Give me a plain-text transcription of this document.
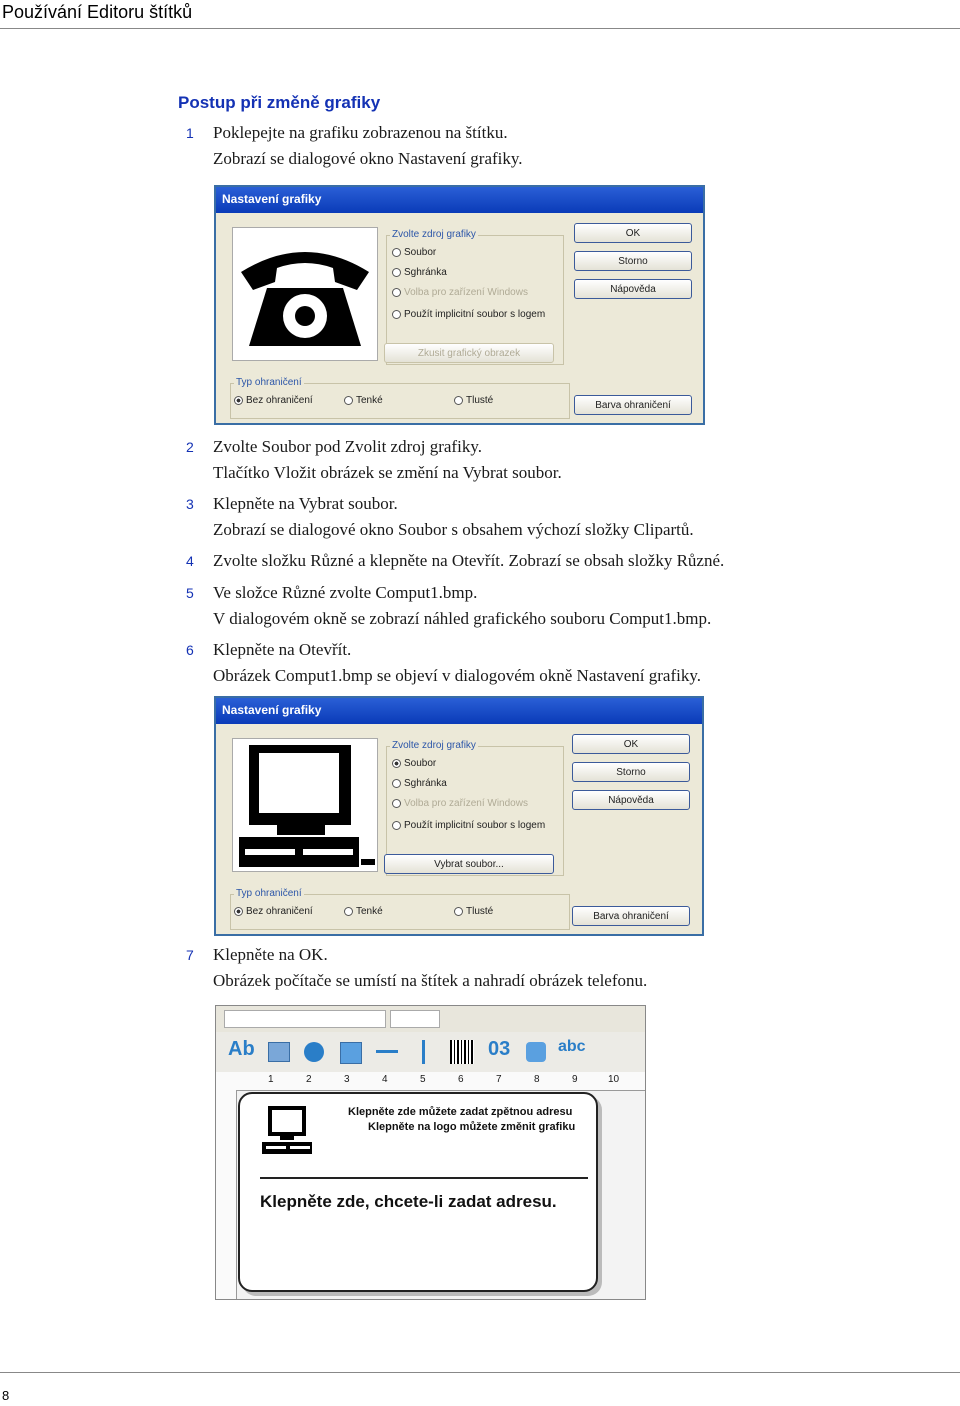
Používání Editoru štítků
Postup při změně grafiky
1	Poklepejte na grafiku zobrazenou na štítku.
Zobrazí se dialogové okno Nastavení grafiky.
Nastavení grafiky
Zvolte zdroj grafiky
Soubor
Sghránka
Volba pro zařízení Windows
Použít implicitní soubor s logem
Zkusit grafický obrazek
OK
Storno
Nápověda
Typ ohraničení
Bez ohraničení	Tenké	Tlusté	Barva ohraničení
2	Zvolte Soubor pod Zvolit zdroj grafiky.
Tlačítko Vložit obrázek se změní na Vybrat soubor.
3	Klepněte na Vybrat soubor.
Zobrazí se dialogové okno Soubor s obsahem výchozí složky Clipartů.
4	Zvolte složku Různé a klepněte na Otevřít. Zobrazí se obsah složky Různé.
5	Ve složce Různé zvolte Comput1.bmp.
V dialogovém okně se zobrazí náhled grafického souboru Comput1.bmp.
6	Klepněte na Otevřít.
Obrázek Comput1.bmp se objeví v dialogovém okně Nastavení grafiky.
Nastavení grafiky
Zvolte zdroj grafiky
Soubor
Sghránka
Volba pro zařízení Windows
Použít implicitní soubor s logem
Vybrat soubor...
OK
Storno
Nápověda
Typ ohraničení
Bez ohraničení	Tenké	Tlusté	Barva ohraničení
7	Klepněte na OK.
Obrázek počítače se umístí na štítek a nahradí obrázek telefonu.
Ab	03	abc
1	2	3	4	5	6	7	8	9	10
Klepněte zde můžete zadat zpětnou adresu
Klepněte na logo můžete změnit grafiku
Klepněte zde, chcete-li zadat adresu.
8
